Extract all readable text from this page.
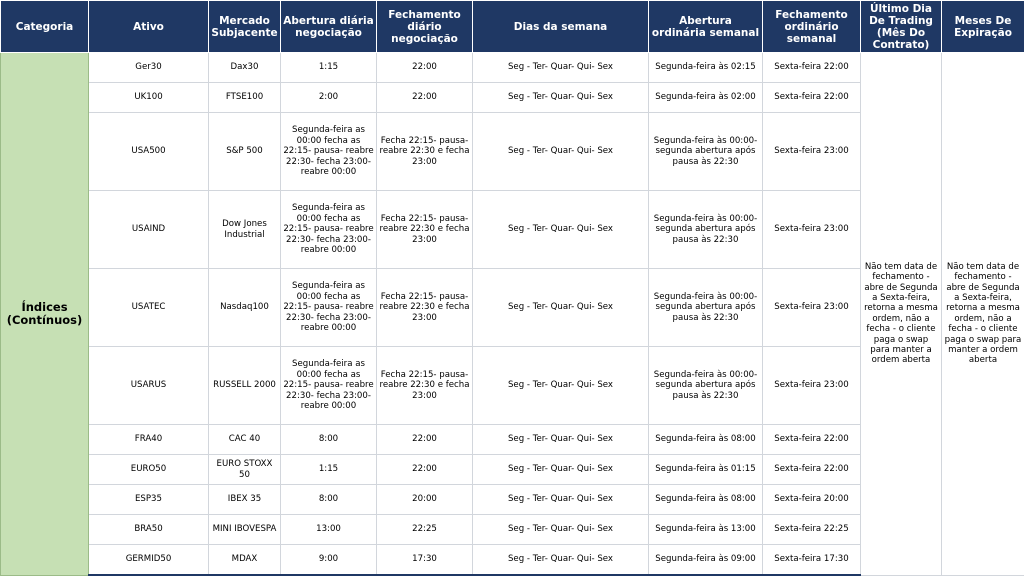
Categoria	Ativo	Mercado Subjacente	Abertura diária negociação	Fechamento diário negociação	Dias da semana	Abertura ordinária semanal	Fechamento ordinário semanal	Último Dia De Trading (Mês Do Contrato)	Meses De Expiração
Índices (Contínuos)	Ger30	Dax30	1:15	22:00	Seg - Ter- Quar- Qui- Sex	Segunda-feira às 02:15	Sexta-feira 22:00	Não tem data de fechamento - abre de Segunda a Sexta-feira, retorna a mesma ordem, não a fecha - o cliente paga o swap para manter a ordem aberta	Não tem data de fechamento - abre de Segunda a Sexta-feira, retorna a mesma ordem, não a fecha - o cliente paga o swap para manter a ordem aberta
	UK100	FTSE100	2:00	22:00	Seg - Ter- Quar- Qui- Sex	Segunda-feira às 02:00	Sexta-feira 22:00		
	USA500	S&P 500	Segunda-feira as 00:00 fecha as 22:15- pausa- reabre 22:30- fecha 23:00- reabre 00:00	Fecha 22:15- pausa- reabre 22:30 e fecha 23:00	Seg - Ter- Quar- Qui- Sex	Segunda-feira às 00:00- segunda abertura após pausa às 22:30	Sexta-feira 23:00		
	USAIND	Dow Jones Industrial	Segunda-feira as 00:00 fecha as 22:15- pausa- reabre 22:30- fecha 23:00- reabre 00:00	Fecha 22:15- pausa- reabre 22:30 e fecha 23:00	Seg - Ter- Quar- Qui- Sex	Segunda-feira às 00:00- segunda abertura após pausa às 22:30	Sexta-feira 23:00		
	USATEC	Nasdaq100	Segunda-feira as 00:00 fecha as 22:15- pausa- reabre 22:30- fecha 23:00- reabre 00:00	Fecha 22:15- pausa- reabre 22:30 e fecha 23:00	Seg - Ter- Quar- Qui- Sex	Segunda-feira às 00:00- segunda abertura após pausa às 22:30	Sexta-feira 23:00		
	USARUS	RUSSELL 2000	Segunda-feira as 00:00 fecha as 22:15- pausa- reabre 22:30- fecha 23:00- reabre 00:00	Fecha 22:15- pausa- reabre 22:30 e fecha 23:00	Seg - Ter- Quar- Qui- Sex	Segunda-feira às 00:00- segunda abertura após pausa às 22:30	Sexta-feira 23:00		
	FRA40	CAC 40	8:00	22:00	Seg - Ter- Quar- Qui- Sex	Segunda-feira às 08:00	Sexta-feira 22:00		
	EURO50	EURO STOXX 50	1:15	22:00	Seg - Ter- Quar- Qui- Sex	Segunda-feira às 01:15	Sexta-feira 22:00		
	ESP35	IBEX 35	8:00	20:00	Seg - Ter- Quar- Qui- Sex	Segunda-feira às 08:00	Sexta-feira 20:00		
	BRA50	MINI IBOVESPA	13:00	22:25	Seg - Ter- Quar- Qui- Sex	Segunda-feira às 13:00	Sexta-feira 22:25		
	GERMID50	MDAX	9:00	17:30	Seg - Ter- Quar- Qui- Sex	Segunda-feira às 09:00	Sexta-feira 17:30		
